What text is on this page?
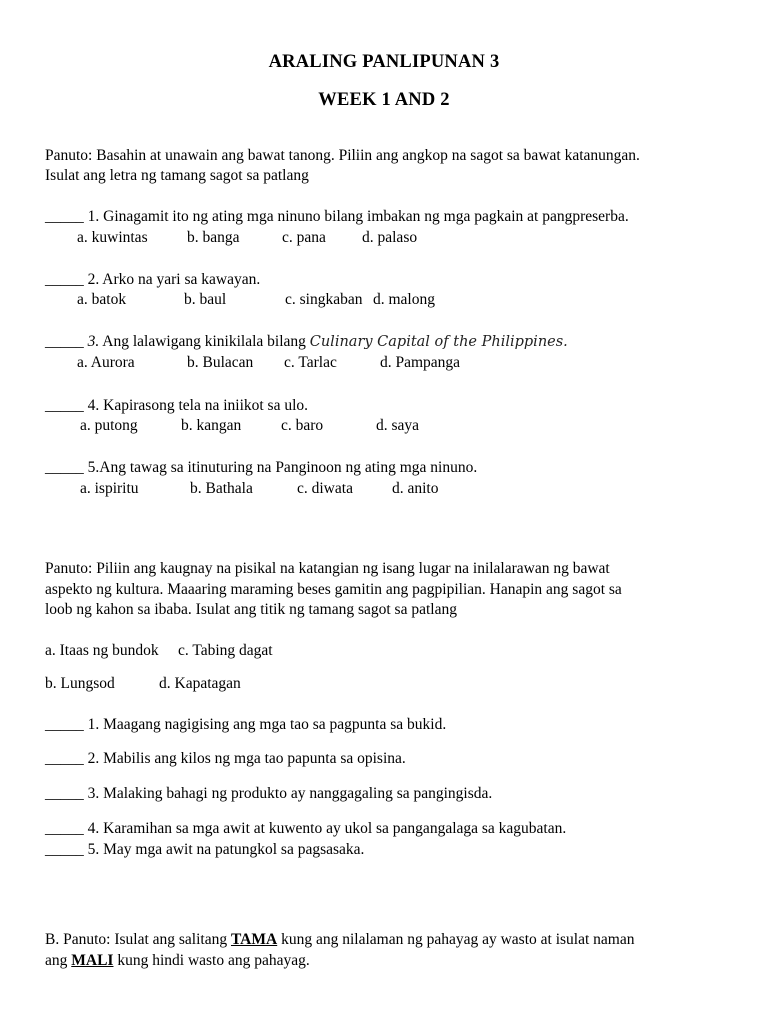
ARALING PANLIPUNAN 3
WEEK 1 AND 2
Panuto: Basahin at unawain ang bawat tanong. Piliin ang angkop na sagot sa bawat katanungan.
Isulat ang letra ng tamang sagot sa patlang
_____ 1. Ginagamit ito ng ating mga ninuno bilang imbakan ng mga pagkain at pangpreserba.
a. kuwintas	b. banga	c. pana d. palaso
_____ 2. Arko na yari sa kawayan.
a. batok	b. baul	c. singkaban d. malong
_____ 3. Ang lalawigang kinikilala bilang Culinary Capital of the Philippines.
a. Aurora	b. Bulacan c. Tarlac	d. Pampanga
_____ 4. Kapirasong tela na iniikot sa ulo.
a. putong	b. kangan	c. baro	d. saya
_____ 5.Ang tawag sa itinuturing na Panginoon ng ating mga ninuno.
a. ispiritu	b. Bathala	c. diwata	d. anito
Panuto: Piliin ang kaugnay na pisikal na katangian ng isang lugar na inilalarawan ng bawat
aspekto ng kultura. Maaaring maraming beses gamitin ang pagpipilian. Hanapin ang sagot sa
loob ng kahon sa ibaba. Isulat ang titik ng tamang sagot sa patlang
a. Itaas ng bundok c. Tabing dagat
b. Lungsod	d. Kapatagan
_____ 1. Maagang nagigising ang mga tao sa pagpunta sa bukid.
_____ 2. Mabilis ang kilos ng mga tao papunta sa opisina.
_____ 3. Malaking bahagi ng produkto ay nanggagaling sa pangingisda.
_____ 4. Karamihan sa mga awit at kuwento ay ukol sa pangangalaga sa kagubatan.
_____ 5. May mga awit na patungkol sa pagsasaka.
B. Panuto: Isulat ang salitang TAMA kung ang nilalaman ng pahayag ay wasto at isulat naman
ang MALI kung hindi wasto ang pahayag.
